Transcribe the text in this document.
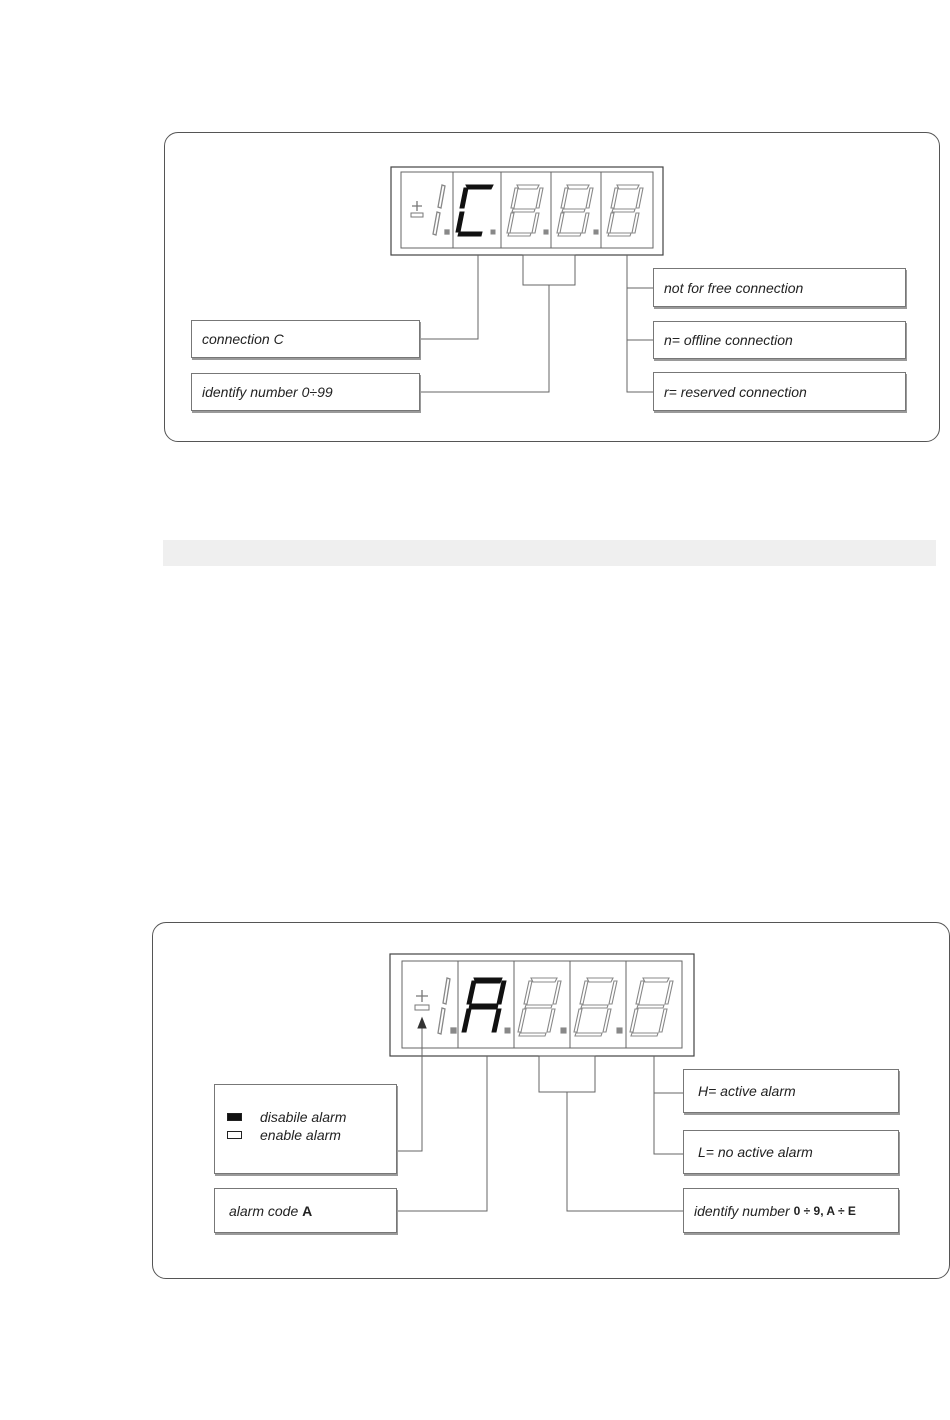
connection C
identify number 0÷99
not for free connection
n= offline connection
r= reserved connection
disabile alarm
enable alarm
alarm code
A
H= active alarm
L= no active alarm
identify number
0 ÷ 9, A ÷ E
